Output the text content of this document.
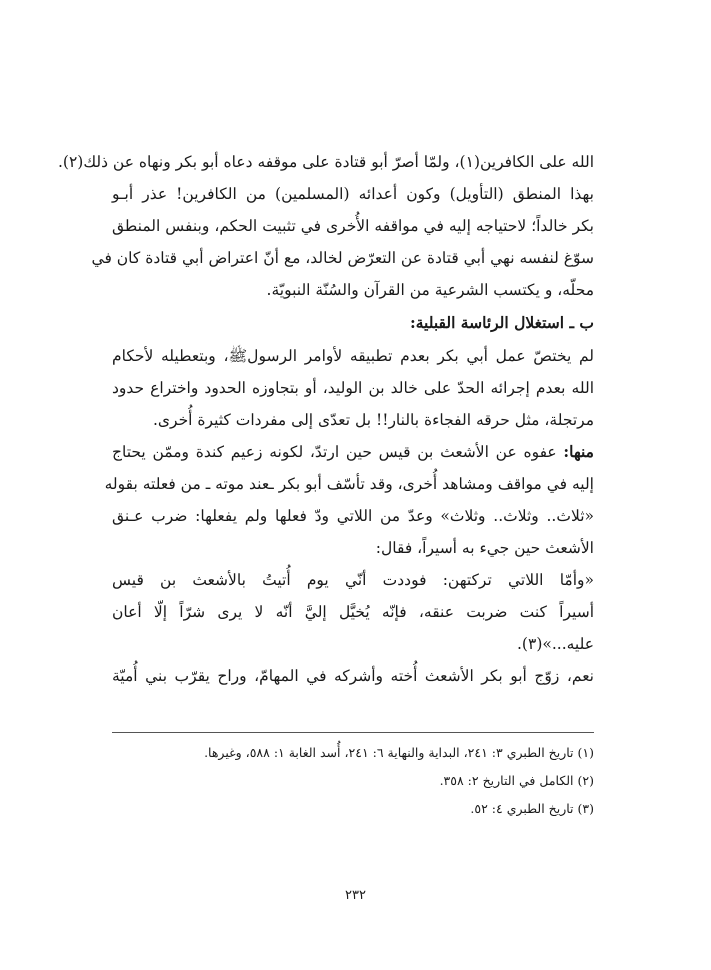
الله على الكافرين(١)، ولمّا أصرّ أبو قتادة على موقفه دعاه أبو بكر ونهاه عن ذلك(٢).
بهذا المنطق (التأويل) وكون أعدائه (المسلمين) من الكافرين! عذر أبـو
بكر خالداً؛ لاحتياجه إليه في مواقفه الأُخرى في تثبيت الحكم، وبنفس المنطق
سوّغ لنفسه نهي أبي قتادة عن التعرّض لخالد، مع أنّ اعتراض أبي قتادة كان في
محلّه، و يكتسب الشرعية من القرآن والسُنّة النبويّة.
ب ـ استغلال الرئاسة القبلية:
لم يختصّ عمل أبي بكر بعدم تطبيقه لأوامر الرسولﷺ، وبتعطيله لأحكام
الله بعدم إجرائه الحدّ على خالد بن الوليد، أو بتجاوزه الحدود واختراع حدود
مرتجلة، مثل حرقه الفجاءة بالنار!! بل تعدّى إلى مفردات كثيرة أُخرى.
منها: عفوه عن الأشعث بن قيس حين ارتدّ، لكونه زعيم كندة وممّن يحتاج
إليه في مواقف ومشاهد أُخرى، وقد تأسّف أبو بكر ـعند موته ـ من فعلته بقوله
«ثلاث.. وثلاث.. وثلاث» وعدّ من اللاتي ودّ فعلها ولم يفعلها: ضرب عـنق
الأشعث حين جيء به أسيراً، فقال:
«وأمّا اللاتي تركتهن: فوددت أنّي يوم أُتيتُ بالأشعث بن قيس
أسيراً كنت ضربت عنقه، فإنّه يُخيَّل إليَّ أنّه لا يرى شرّاً إلّا أعان
عليه...»(٣).
نعم، زوّج أبو بكر الأشعث أُخته وأشركه في المهامّ، وراح يقرّب بني أُميّة
(١) تاريخ الطبري ٣: ٢٤١، البداية والنهاية ٦: ٢٤١، أُسد الغابة ١: ٥٨٨، وغيرها.
(٢) الكامل في التاريخ ٢: ٣٥٨.
(٣) تاريخ الطبري ٤: ٥٢.
٢٣٢
